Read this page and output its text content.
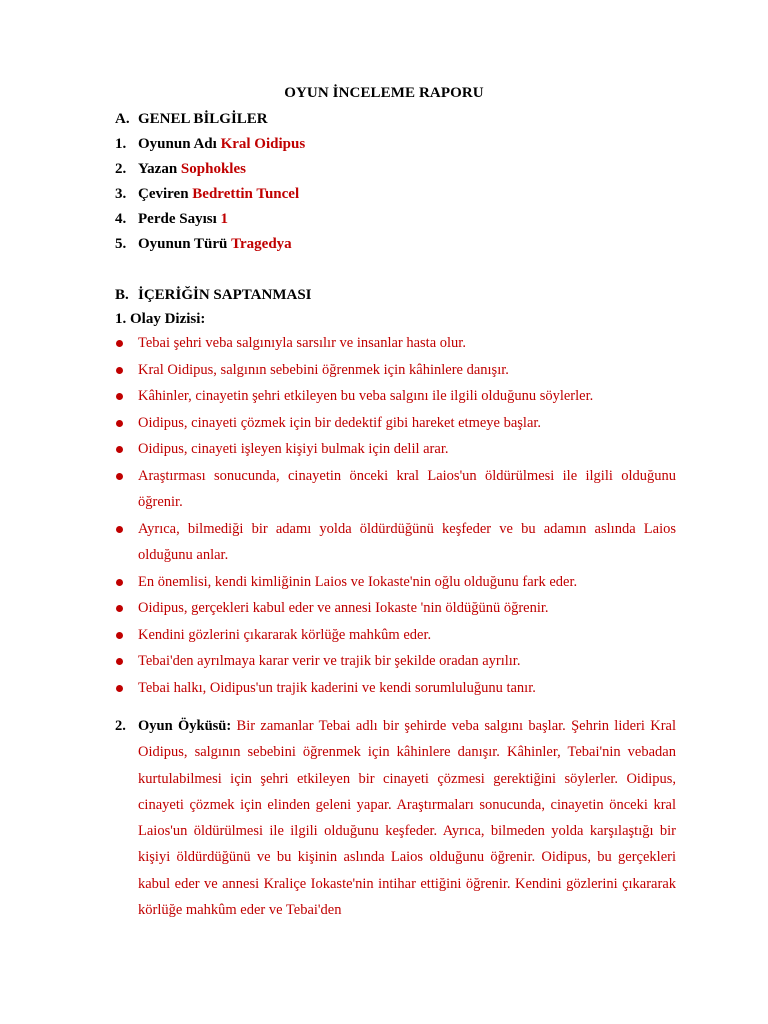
OYUN İNCELEME RAPORU
A. GENEL BİLGİLER
1. Oyunun Adı Kral Oidipus
2. Yazan Sophokles
3. Çeviren Bedrettin Tuncel
4. Perde Sayısı 1
5. Oyunun Türü Tragedya
B. İÇERİĞİN SAPTANMASI
1. Olay Dizisi:
Tebai şehri veba salgınıyla sarsılır ve insanlar hasta olur.
Kral Oidipus, salgının sebebini öğrenmek için kâhinlere danışır.
Kâhinler, cinayetin şehri etkileyen bu veba salgını ile ilgili olduğunu söylerler.
Oidipus, cinayeti çözmek için bir dedektif gibi hareket etmeye başlar.
Oidipus, cinayeti işleyen kişiyi bulmak için delil arar.
Araştırması sonucunda, cinayetin önceki kral Laios'un öldürülmesi ile ilgili olduğunu öğrenir.
Ayrıca, bilmediği bir adamı yolda öldürdüğünü keşfeder ve bu adamın aslında Laios olduğunu anlar.
En önemlisi, kendi kimliğinin Laios ve Iokaste'nin oğlu olduğunu fark eder.
Oidipus, gerçekleri kabul eder ve annesi Iokaste 'nin öldüğünü öğrenir.
Kendini gözlerini çıkararak körlüğe mahkûm eder.
Tebai'den ayrılmaya karar verir ve trajik bir şekilde oradan ayrılır.
Tebai halkı, Oidipus'un trajik kaderini ve kendi sorumluluğunu tanır.
2. Oyun Öyküsü: Bir zamanlar Tebai adlı bir şehirde veba salgını başlar. Şehrin lideri Kral Oidipus, salgının sebebini öğrenmek için kâhinlere danışır. Kâhinler, Tebai'nin vebadan kurtulabilmesi için şehri etkileyen bir cinayeti çözmesi gerektiğini söylerler. Oidipus, cinayeti çözmek için elinden geleni yapar. Araştırmaları sonucunda, cinayetin önceki kral Laios'un öldürülmesi ile ilgili olduğunu keşfeder. Ayrıca, bilmeden yolda karşılaştığı bir kişiyi öldürdüğünü ve bu kişinin aslında Laios olduğunu öğrenir. Oidipus, bu gerçekleri kabul eder ve annesi Kraliçe Iokaste'nin intihar ettiğini öğrenir. Kendini gözlerini çıkararak körlüğe mahkûm eder ve Tebai'den
